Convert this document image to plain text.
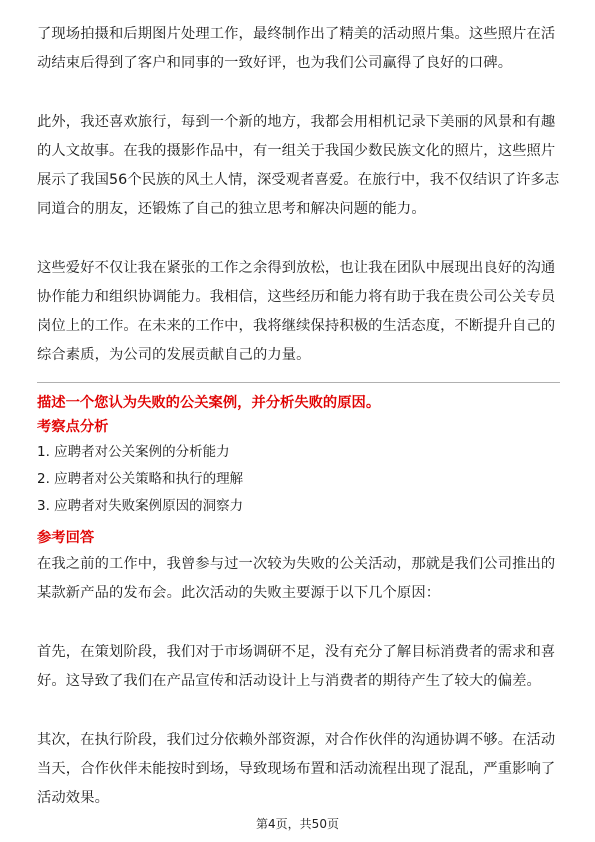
了现场拍摄和后期图片处理工作，最终制作出了精美的活动照片集。这些照片在活动结束后得到了客户和同事的一致好评，也为我们公司赢得了良好的口碑。

此外，我还喜欢旅行，每到一个新的地方，我都会用相机记录下美丽的风景和有趣的人文故事。在我的摄影作品中，有一组关于我国少数民族文化的照片，这些照片展示了我国56个民族的风土人情，深受观者喜爱。在旅行中，我不仅结识了许多志同道合的朋友，还锻炼了自己的独立思考和解决问题的能力。

这些爱好不仅让我在紧张的工作之余得到放松，也让我在团队中展现出良好的沟通协作能力和组织协调能力。我相信，这些经历和能力将有助于我在贵公司公关专员岗位上的工作。在未来的工作中，我将继续保持积极的生活态度，不断提升自己的综合素质，为公司的发展贡献自己的力量。

描述一个您认为失败的公关案例，并分析失败的原因。

考察点分析

1. 应聘者对公关案例的分析能力

2. 应聘者对公关策略和执行的理解

3. 应聘者对失败案例原因的洞察力

参考回答

在我之前的工作中，我曾参与过一次较为失败的公关活动，那就是我们公司推出的某款新产品的发布会。此次活动的失败主要源于以下几个原因：

首先，在策划阶段，我们对于市场调研不足，没有充分了解目标消费者的需求和喜好。这导致了我们在产品宣传和活动设计上与消费者的期待产生了较大的偏差。

其次，在执行阶段，我们过分依赖外部资源，对合作伙伴的沟通协调不够。在活动当天，合作伙伴未能按时到场，导致现场布置和活动流程出现了混乱，严重影响了活动效果。

第4页，共50页
